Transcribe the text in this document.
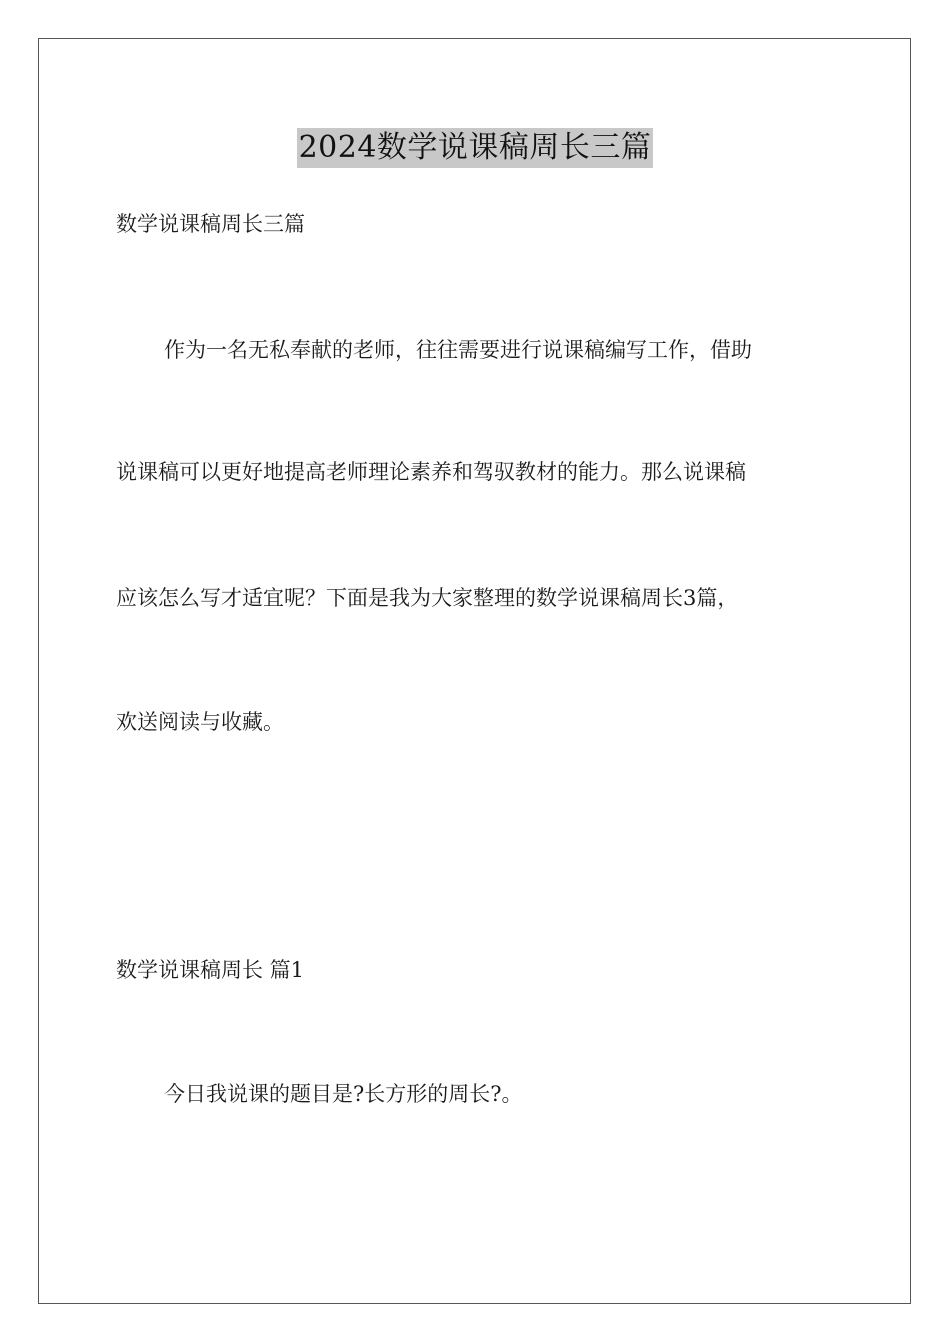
2024数学说课稿周长三篇
数学说课稿周长三篇
作为一名无私奉献的老师，往往需要进行说课稿编写工作，借助
说课稿可以更好地提高老师理论素养和驾驭教材的能力。那么说课稿
应该怎么写才适宜呢？下面是我为大家整理的数学说课稿周长3篇，
欢送阅读与收藏。
数学说课稿周长 篇1
今日我说课的题目是?长方形的周长?。
